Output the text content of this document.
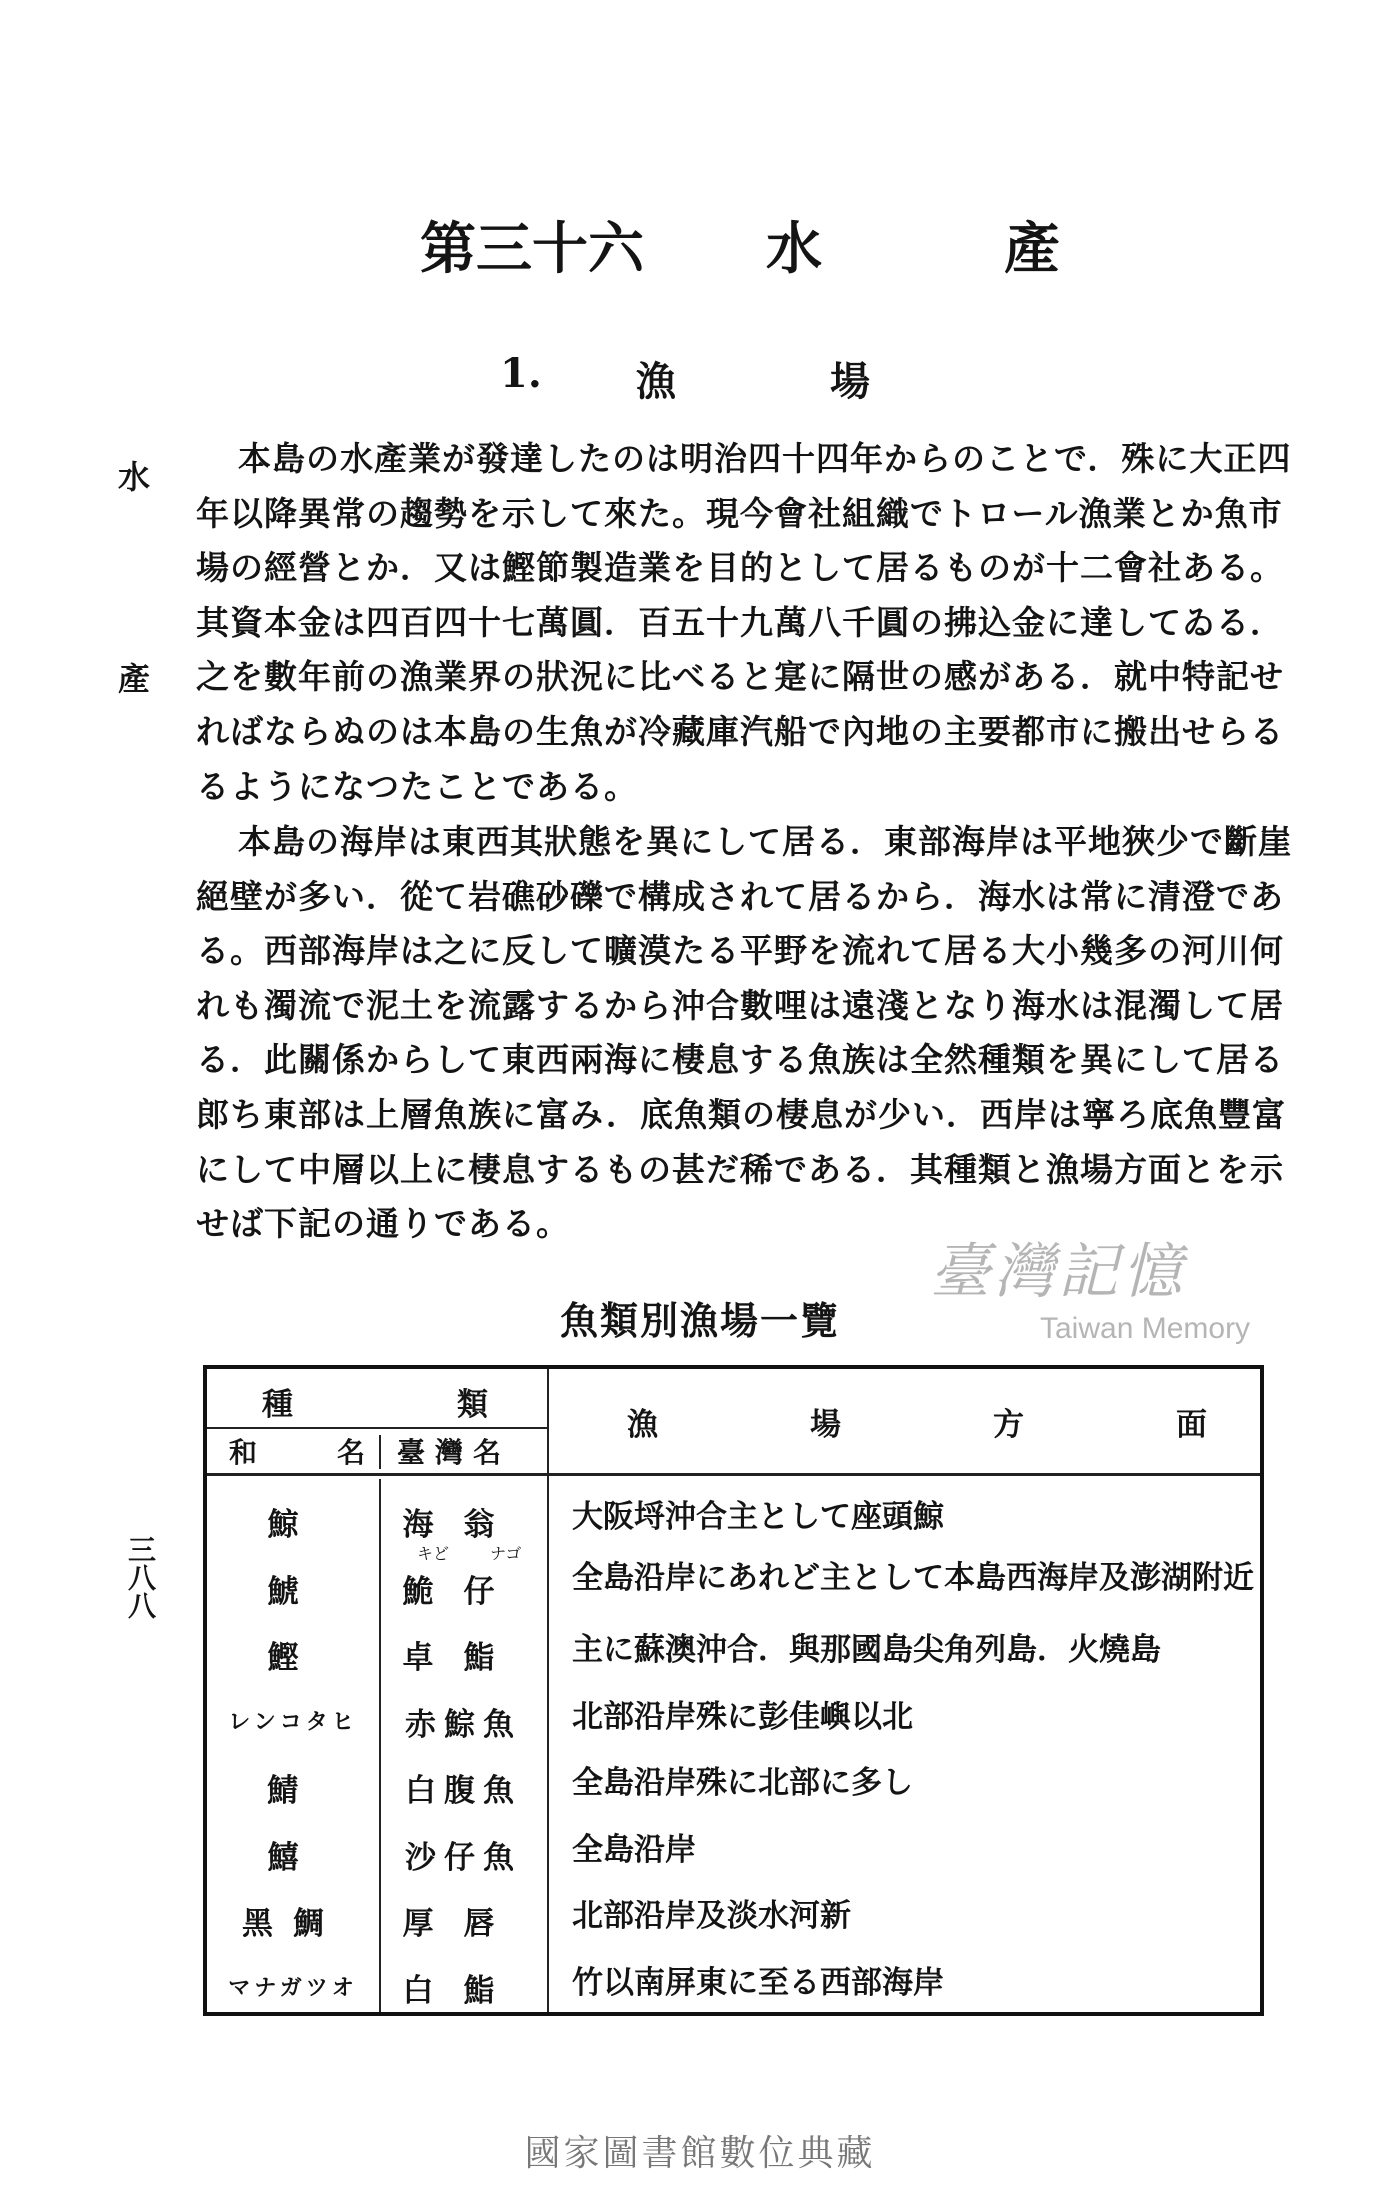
第三十六 水	產
1. 漁	場
水
產
本島の水產業が發達したのは明治四十四年からのことで．殊に大正四
年以降異常の趨勢を示して來た。現今會社組織でトロール漁業とか魚市
場の經營とか．又は鰹節製造業を目的として居るものが十二會社ある。
其資本金は四百四十七萬圓．百五十九萬八千圓の拂込金に達してゐる．
之を數年前の漁業界の狀況に比べると寔に隔世の感がある．就中特記せ
ればならぬのは本島の生魚が冷藏庫汽船で內地の主要都市に搬出せらる
るようになつたことである。
本島の海岸は東西其狀態を異にして居る．東部海岸は平地狹少で斷崖
絕壁が多い．從て岩礁砂礫で構成されて居るから．海水は常に清澄であ
る。西部海岸は之に反して曠漠たる平野を流れて居る大小幾多の河川何
れも濁流で泥土を流露するから沖合數哩は遠淺となり海水は混濁して居
る．此關係からして東西兩海に棲息する魚族は全然種類を異にして居る
郎ち東部は上層魚族に富み．底魚類の棲息が少い．西岸は寧ろ底魚豐富
にして中層以上に棲息するもの甚だ稀である．其種類と漁場方面とを示
せば下記の通りである。
魚類別漁場一覽
種	類
和	名 臺灣名
漁	場	方	面
鯨	海翁	大阪埒沖合主として座頭鯨
鯱	鮠仔	全島沿岸にあれど主として本島西海岸及澎湖附近
キど	ナゴ
鰹	卓鮨	主に蘇澳沖合．與那國島尖角列島．火燒島
レンコタヒ	赤鯮魚	北部沿岸殊に彭佳嶼以北
鯖	白腹魚	全島沿岸殊に北部に多し
鱚	沙仔魚	全島沿岸
黑鯛	厚唇	北部沿岸及淡水河新
マナガツオ	白鮨	竹以南屏東に至る西部海岸
三八八
臺灣記憶
Taiwan Memory
國家圖書館數位典藏
